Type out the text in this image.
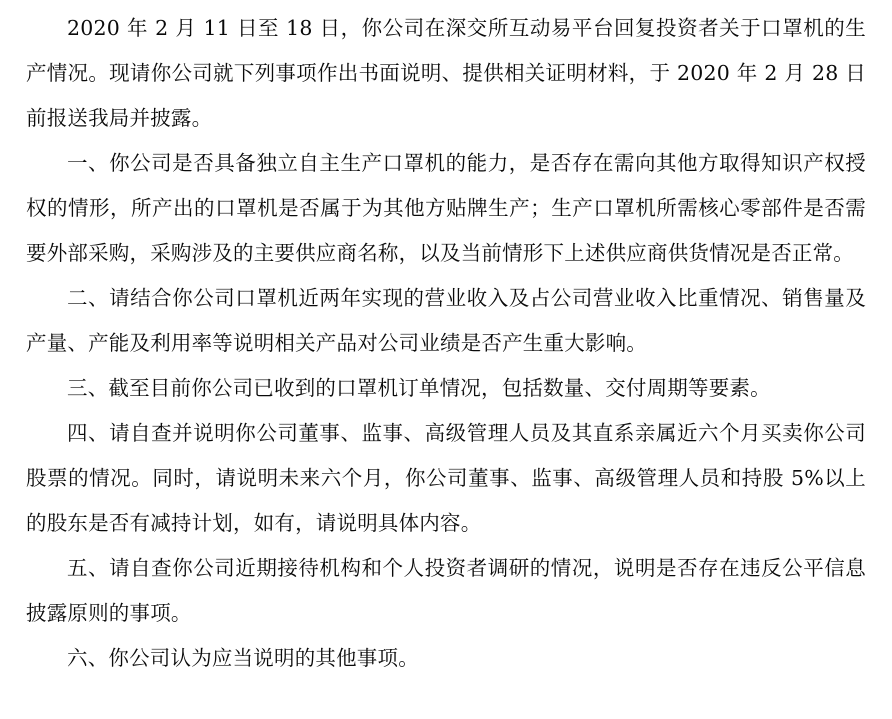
2020 年 2 月 11 日至 18 日，你公司在深交所互动易平台回复投资者关于口罩机的生产情况。现请你公司就下列事项作出书面说明、提供相关证明材料，于 2020 年 2 月 28 日前报送我局并披露。

一、你公司是否具备独立自主生产口罩机的能力，是否存在需向其他方取得知识产权授权的情形，所产出的口罩机是否属于为其他方贴牌生产；生产口罩机所需核心零部件是否需要外部采购，采购涉及的主要供应商名称，以及当前情形下上述供应商供货情况是否正常。

二、请结合你公司口罩机近两年实现的营业收入及占公司营业收入比重情况、销售量及产量、产能及利用率等说明相关产品对公司业绩是否产生重大影响。

三、截至目前你公司已收到的口罩机订单情况，包括数量、交付周期等要素。

四、请自查并说明你公司董事、监事、高级管理人员及其直系亲属近六个月买卖你公司股票的情况。同时，请说明未来六个月，你公司董事、监事、高级管理人员和持股 5%以上的股东是否有减持计划，如有，请说明具体内容。

五、请自查你公司近期接待机构和个人投资者调研的情况，说明是否存在违反公平信息披露原则的事项。

六、你公司认为应当说明的其他事项。
